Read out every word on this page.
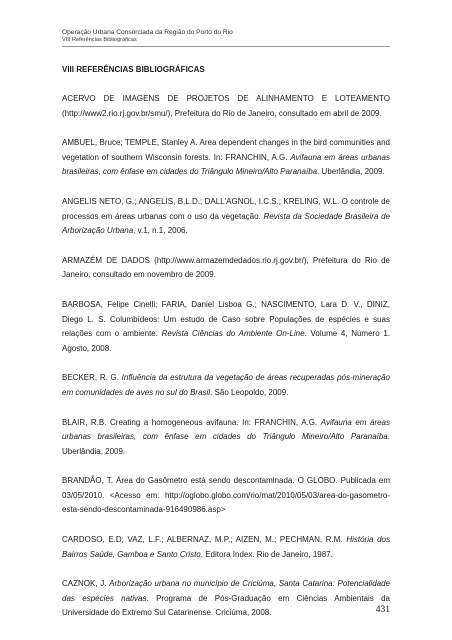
Operação Urbana Consorciada da Região do Porto do Rio
VIII Referências Bibliográficas
VIII REFERÊNCIAS BIBLIOGRÁFICAS

ACERVO DE IMAGENS DE PROJETOS DE ALINHAMENTO E LOTEAMENTO (http://www2.rio.rj.gov.br/smu/), Prefeitura do Rio de Janeiro, consultado em abril de 2009.

AMBUEL, Bruce; TEMPLE, Stanley A. Area dependent changes in the bird communities and vegetation of southern Wisconsin forests. In: FRANCHIN, A.G. Avifauna em áreas urbanas brasileiras, com ênfase em cidades do Triângulo Mineiro/Alto Paranaíba. Uberlândia, 2009.

ANGELIS NETO, G.; ANGELIS, B.L.D.; DALL'AGNOL, I.C.S.; KRELING, W.L. O controle de processos em áreas urbanas com o uso da vegetação. Revista da Sociedade Brasileira de Arborização Urbana, v.1, n.1, 2006.

ARMAZÉM DE DADOS (http://www.armazemdedados.rio.rj.gov.br/), Prefeitura do Rio de Janeiro, consultado em novembro de 2009.

BARBOSA, Felipe Cinelli; FARIA, Daniel Lisboa G.; NASCIMENTO, Lara D. V., DINIZ, Diego L. S. Columbídeos: Um estudo de Caso sobre Populações de espécies e suas relações com o ambiente. Revista Ciências do Ambiente On-Line. Volume 4, Número 1. Agosto, 2008.

BECKER, R. G. Influência da estrutura da vegetação de áreas recuperadas pós-mineração em comunidades de aves no sul do Brasil. São Leopoldo, 2009.

BLAIR, R.B. Creating a homogeneous avifauna. In: FRANCHIN, A.G. Avifauna em áreas urbanas brasileiras, com ênfase em cidades do Triângulo Mineiro/Alto Paranaíba. Uberlândia, 2009.

BRANDÃO, T. Área do Gasômetro está sendo descontaminada. O GLOBO. Publicada em 03/05/2010. <Acesso em: http://oglobo.globo.com/rio/mat/2010/05/03/area-do-gasometro-esta-sendo-descontaminada-916490986.asp>

CARDOSO, E.D; VAZ, L.F.; ALBERNAZ, M.P.; AIZEN, M.; PECHMAN, R.M. História dos Bairros Saúde, Gamboa e Santo Cristo. Editora Index. Rio de Janeiro, 1987.

CAZNOK, J. Arborização urbana no município de Criciúma, Santa Catarina: Potencialidade das espécies nativas. Programa de Pós-Graduação em Ciências Ambientais da Universidade do Extremo Sul Catarinense. Criciúma, 2008.	431
